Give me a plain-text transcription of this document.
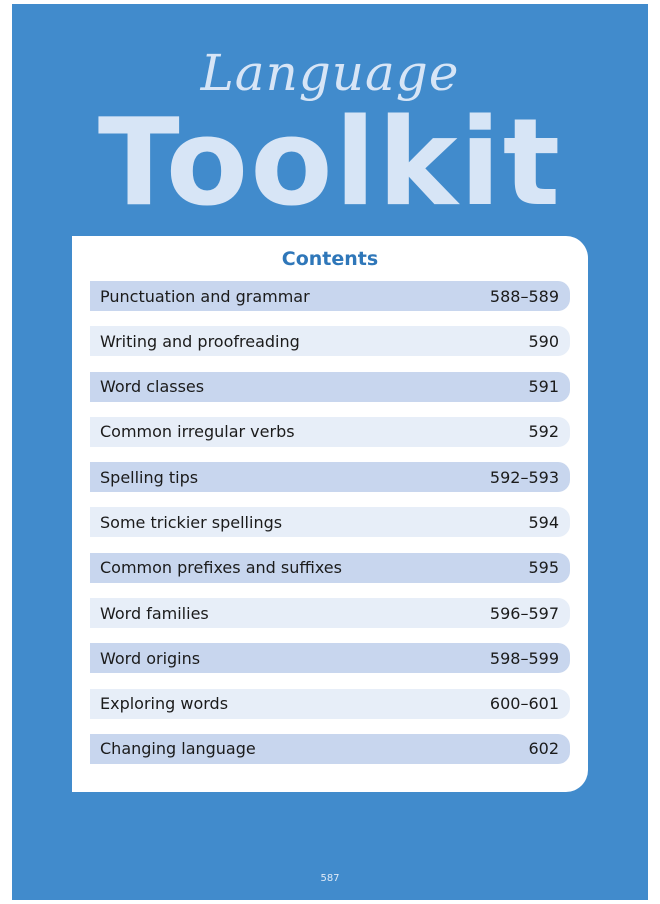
Language
Toolkit
Contents
Punctuation and grammar	588–589
Writing and proofreading	590
Word classes	591
Common irregular verbs	592
Spelling tips	592–593
Some trickier spellings	594
Common prefixes and suffixes	595
Word families	596–597
Word origins	598–599
Exploring words	600–601
Changing language	602
587
